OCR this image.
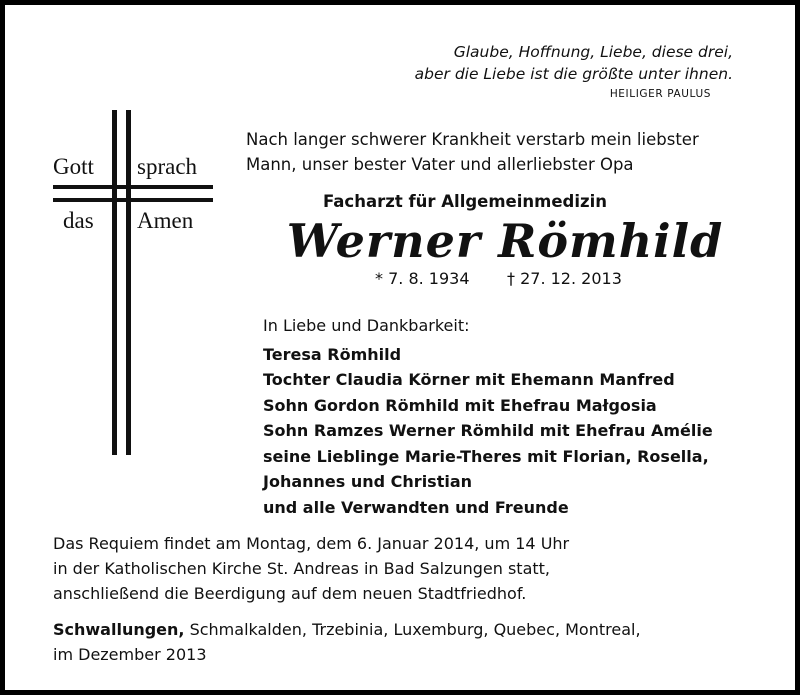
Glaube, Hoffnung, Liebe, diese drei,
aber die Liebe ist die größte unter ihnen.
HEILIGER PAULUS
Gott sprach
das Amen
Nach langer schwerer Krankheit verstarb mein liebster
Mann, unser bester Vater und allerliebster Opa
Facharzt für Allgemeinmedizin
Werner Römhild
* 7. 8. 1934 † 27. 12. 2013
In Liebe und Dankbarkeit:
Teresa Römhild
Tochter Claudia Körner mit Ehemann Manfred
Sohn Gordon Römhild mit Ehefrau Małgosia
Sohn Ramzes Werner Römhild mit Ehefrau Amélie
seine Lieblinge Marie-Theres mit Florian, Rosella,
Johannes und Christian
und alle Verwandten und Freunde
Das Requiem findet am Montag, dem 6. Januar 2014, um 14 Uhr
in der Katholischen Kirche St. Andreas in Bad Salzungen statt,
anschließend die Beerdigung auf dem neuen Stadtfriedhof.
Schwallungen, Schmalkalden, Trzebinia, Luxemburg, Quebec, Montreal,
im Dezember 2013
